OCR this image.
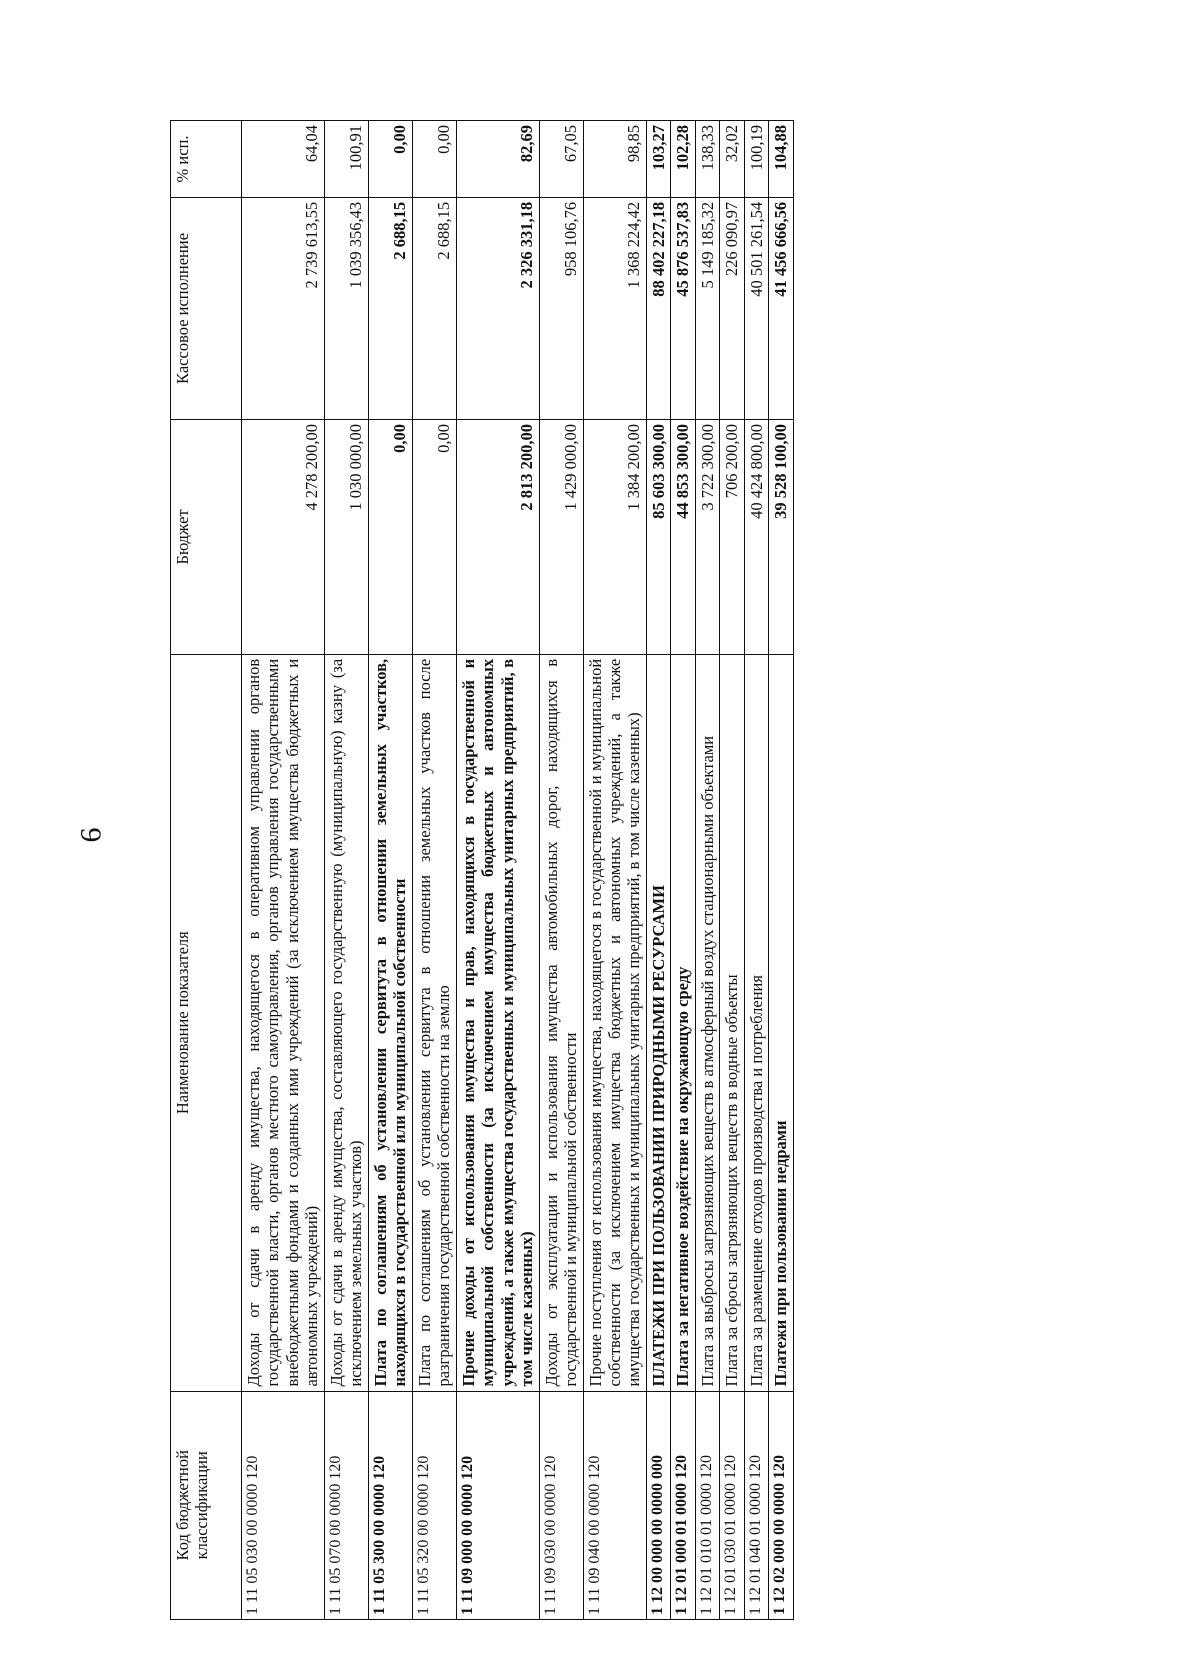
6
Код бюджетной классификации	Наименование показателя	Бюджет	Кассовое исполнение	% исп.
1 11 05 030 00 0000 120	Доходы от сдачи в аренду имущества, находящегося в оперативном управлении органов государственной власти, органов местного самоуправления, органов управления государственными внебюджетными фондами и созданных ими учреждений (за исключением имущества бюджетных и автономных учреждений)	4 278 200,00	2 739 613,55	64,04
1 11 05 070 00 0000 120	Доходы от сдачи в аренду имущества, составляющего государственную (муниципальную) казну (за исключением земельных участков)	1 030 000,00	1 039 356,43	100,91
1 11 05 300 00 0000 120	Плата по соглашениям об установлении сервитута в отношении земельных участков, находящихся в государственной или муниципальной собственности	0,00	2 688,15	0,00
1 11 05 320 00 0000 120	Плата по соглашениям об установлении сервитута в отношении земельных участков после разграничения государственной собственности на землю	0,00	2 688,15	0,00
1 11 09 000 00 0000 120	Прочие доходы от использования имущества и прав, находящихся в государственной и муниципальной собственности (за исключением имущества бюджетных и автономных учреждений, а также имущества государственных и муниципальных унитарных предприятий, в том числе казенных)	2 813 200,00	2 326 331,18	82,69
1 11 09 030 00 0000 120	Доходы от эксплуатации и использования имущества автомобильных дорог, находящихся в государственной и муниципальной собственности	1 429 000,00	958 106,76	67,05
1 11 09 040 00 0000 120	Прочие поступления от использования имущества, находящегося в государственной и муниципальной собственности (за исключением имущества бюджетных и автономных учреждений, а также имущества государственных и муниципальных унитарных предприятий, в том числе казенных)	1 384 200,00	1 368 224,42	98,85
1 12 00 000 00 0000 000	ПЛАТЕЖИ ПРИ ПОЛЬЗОВАНИИ ПРИРОДНЫМИ РЕСУРСАМИ	85 603 300,00	88 402 227,18	103,27
1 12 01 000 01 0000 120	Плата за негативное воздействие на окружающую среду	44 853 300,00	45 876 537,83	102,28
1 12 01 010 01 0000 120	Плата за выбросы загрязняющих веществ в атмосферный воздух стационарными объектами	3 722 300,00	5 149 185,32	138,33
1 12 01 030 01 0000 120	Плата за сбросы загрязняющих веществ в водные объекты	706 200,00	226 090,97	32,02
1 12 01 040 01 0000 120	Плата за размещение отходов производства и потребления	40 424 800,00	40 501 261,54	100,19
1 12 02 000 00 0000 120	Платежи при пользовании недрами	39 528 100,00	41 456 666,56	104,88
